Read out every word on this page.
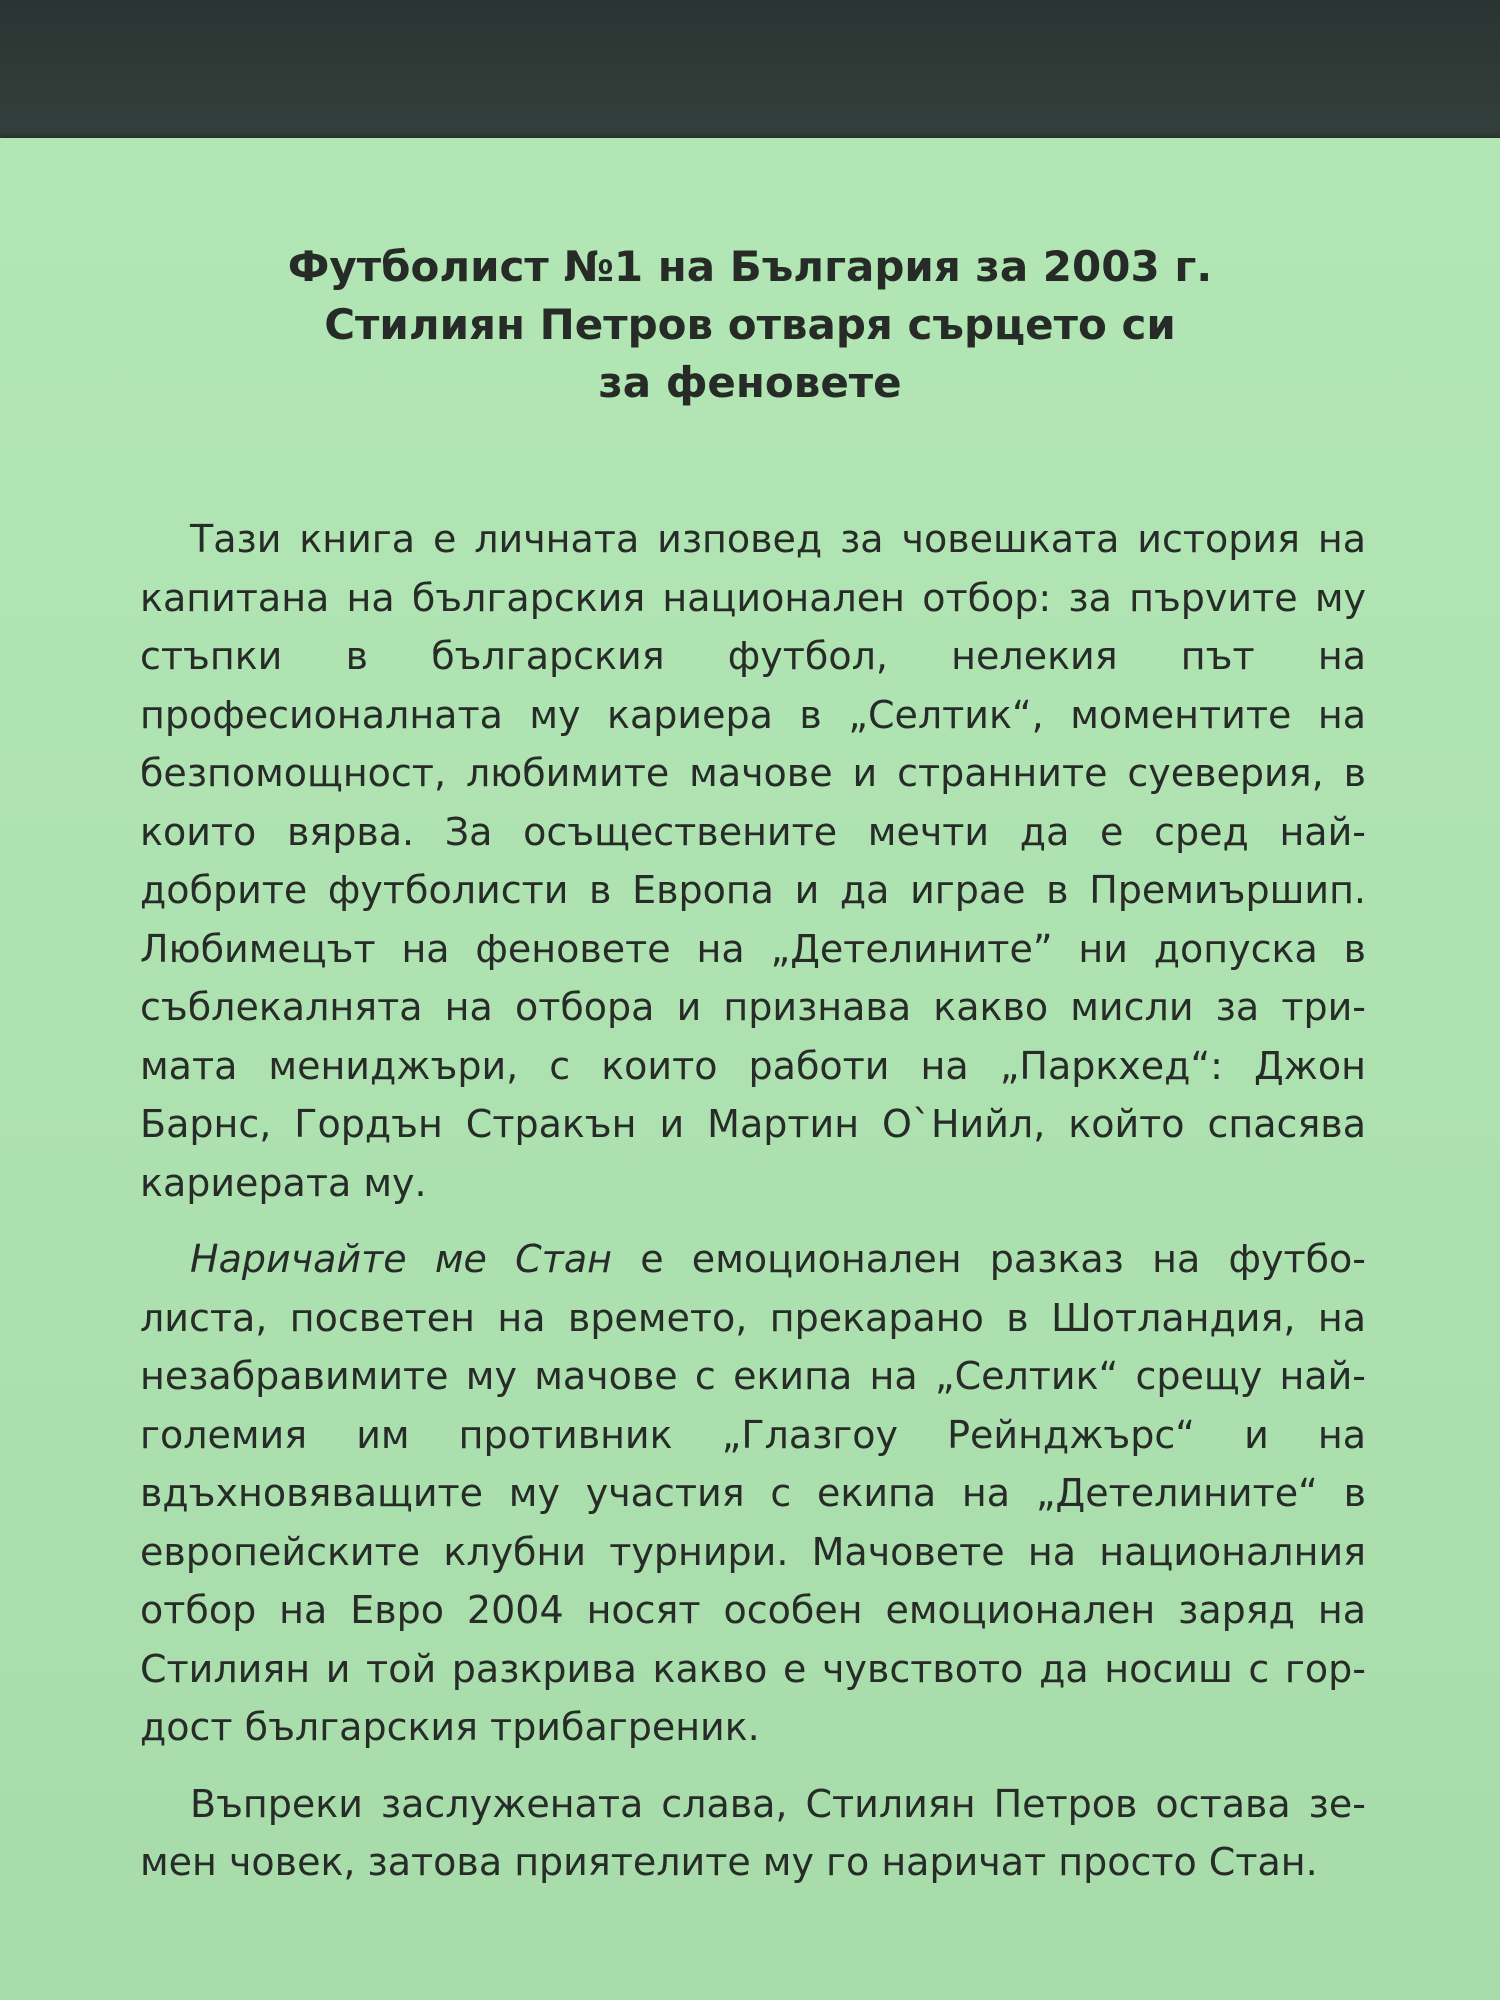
Футболист №1 на България за 2003 г.
Стилиян Петров отваря сърцето си
за феновете

Тази книга е личната изповед за човешката история на капитана на българския национален отбор: за пърvите му стъпки в българския футбол, нелекия път на професионалната му кариера в „Селтик“, моментите на безпомощност, любимите мачове и странните суеверия, в които вярва. За осъществените мечти да е сред найдобрите футболисти в Европа и да играе в Премиършип. Любимецът на феновете на „Детелините” ни допуска в съблекалнята на отбора и признава какво мисли за тримата мениджъри, с които работи на „Паркхед“: Джон Барнс, Гордън Стракън и Мартин О`Нийл, който спасява кариерата му.

Наричайте ме Стан е емоционален разказ на футболиста, посветен на времето, прекарано в Шотландия, на незабравимите му мачове с екипа на „Селтик“ срещу най-големия им противник „Глазгоу Рейнджърс“ и на вдъхновяващите му участия с екипа на „Детелините“ в европейските клубни турнири. Мачовете на националния отбор на Евро 2004 носят особен емоционален заряд на Стилиян и той разкрива какво е чувството да носиш с гордост българския трибагреник.

Въпреки заслужената слава, Стилиян Петров остава земен човек, затова приятелите му го наричат просто Стан.
